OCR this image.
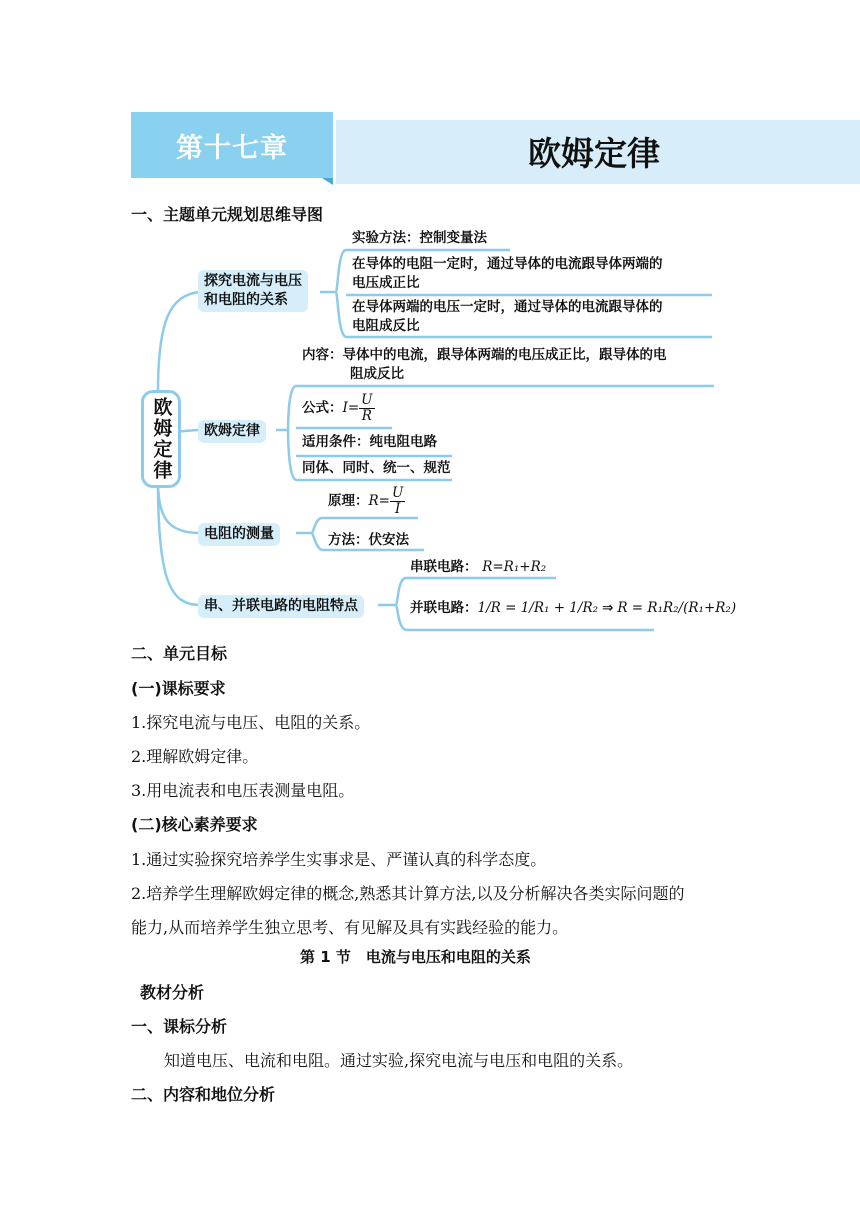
第十七章	欧姆定律
一、主题单元规划思维导图
欧姆定律
探究电流与电压
和电阻的关系
实验方法：控制变量法
在导体的电阻一定时，通过导体的电流跟导体两端的
电压成正比
在导体两端的电压一定时，通过导体的电流跟导体的
电阻成反比
欧姆定律
内容：导体中的电流，跟导体两端的电压成正比，跟导体的电
阻成反比
公式： $I= \frac{U}{R}$
适用条件：纯电阻电路
同体、同时、统一、规范
电阻的测量
原理： $R= \frac{U}{I}$
方法：伏安法
串、并联电路的电阻特点
串联电路： R=R₁+R₂
并联电路： 1/R = 1/R₁ + 1/R₂ ⇒ R = R₁R₂/(R₁+R₂)
二、单元目标
(一)课标要求
1.探究电流与电压、电阻的关系。
2.理解欧姆定律。
3.用电流表和电压表测量电阻。
(二)核心素养要求
1.通过实验探究培养学生实事求是、严谨认真的科学态度。
2.培养学生理解欧姆定律的概念,熟悉其计算方法,以及分析解决各类实际问题的
能力,从而培养学生独立思考、有见解及具有实践经验的能力。
第 1 节　电流与电压和电阻的关系
教材分析
一、课标分析
知道电压、电流和电阻。通过实验,探究电流与电压和电阻的关系。
二、内容和地位分析
